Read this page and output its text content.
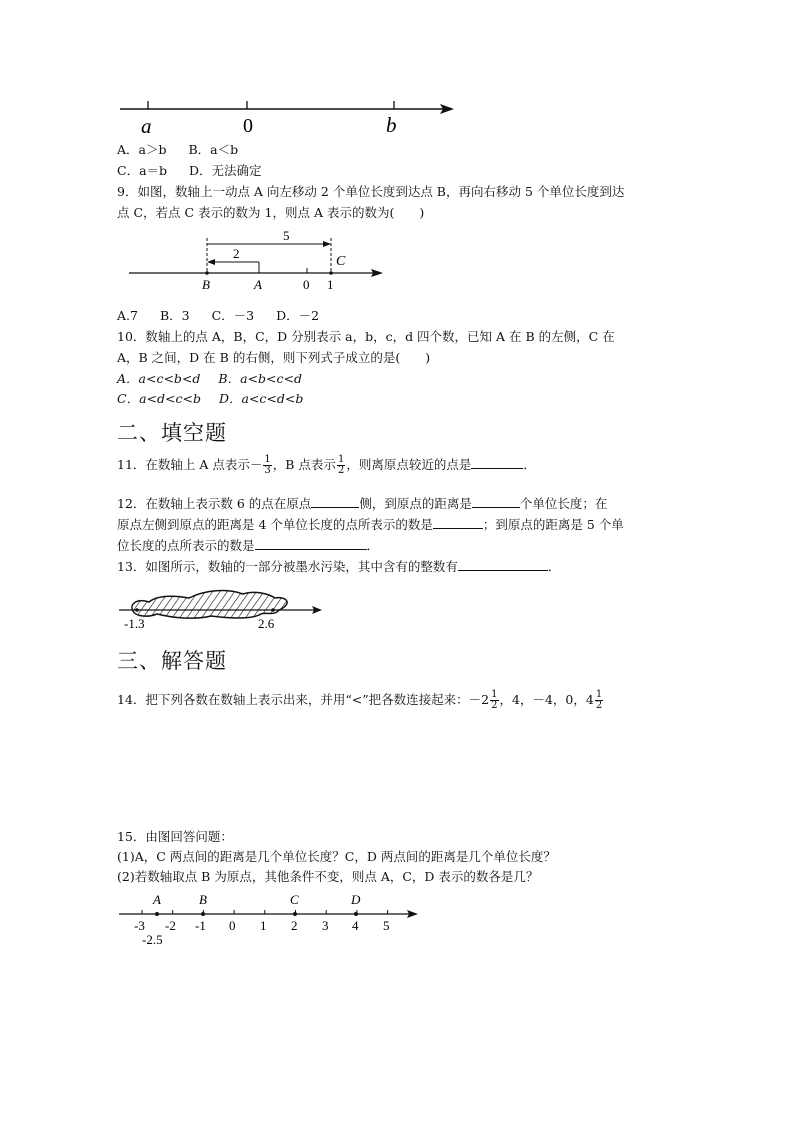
a	0	b
A．a＞b B．a＜b
C．a＝b D．无法确定
9．如图，数轴上一动点 A 向左移动 2 个单位长度到达点 B，再向右移动 5 个单位长度到达
点 C，若点 C 表示的数为 1，则点 A 表示的数为(　　)
5
2
C
B	A	0 1
A.7 B．3 C．－3 D．－2
10．数轴上的点 A，B，C，D 分别表示 a，b，c，d 四个数，已知 A 在 B 的左侧，C 在
A，B 之间，D 在 B 的右侧，则下列式子成立的是(　　)
A．a<c<b<d B．a<b<c<d
C．a<d<c<b D．a<c<d<b
二、填空题
11．在数轴上 A 点表示－ $\frac{1}{3}$ ，B 点表示 $\frac{1}{2}$ ，则离原点较近的点是	．
12．在数轴上表示数 6 的点在原点	侧，到原点的距离是	个单位长度；在
原点左侧到原点的距离是 4 个单位长度的点所表示的数是	；到原点的距离是 5 个单
位长度的点所表示的数是	．
13．如图所示，数轴的一部分被墨水污染，其中含有的整数有	．
-1.3	2.6
三、解答题
14．把下列各数在数轴上表示出来，并用“<”把各数连接起来：$-2 \frac{1}{2}$ ，4，－4，0，$4 \frac{1}{2}$
15．由图回答问题：
(1)A，C 两点间的距离是几个单位长度？C，D 两点间的距离是几个单位长度？
(2)若数轴取点 B 为原点，其他条件不变，则点 A，C，D 表示的数各是几？
A	B	C	D
-3 -2 -1 0 1 2 3 4 5
-2.5
